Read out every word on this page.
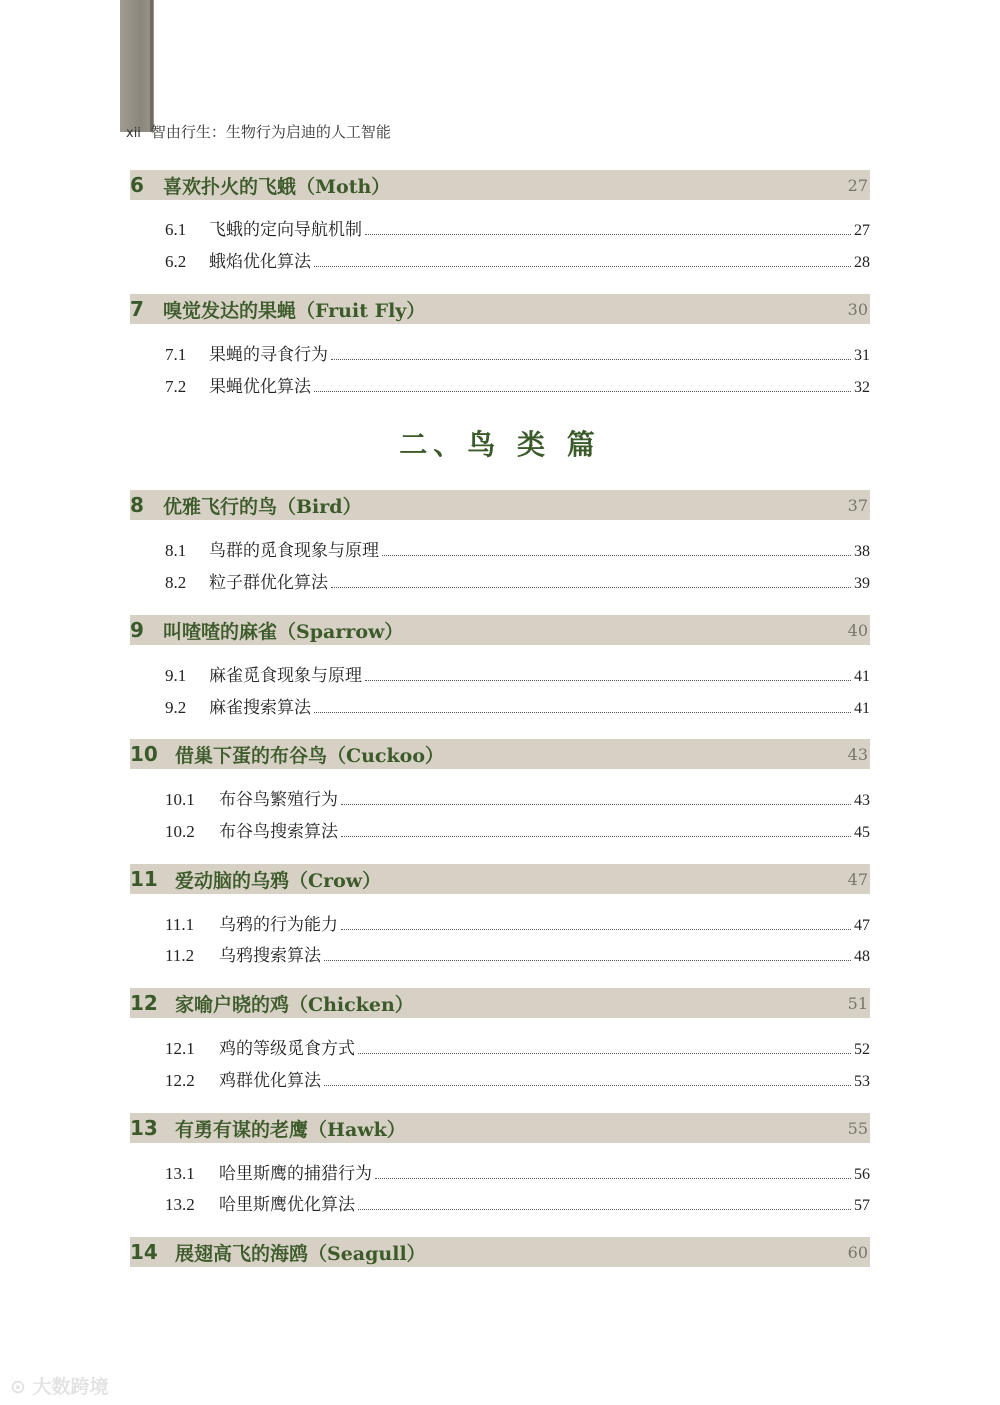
xii 智由行生：生物行为启迪的人工智能
6	喜欢扑火的飞蛾（Moth）	27
6.1	飞蛾的定向导航机制	27
6.2	蛾焰优化算法	28
7	嗅觉发达的果蝇（Fruit Fly）	30
7.1	果蝇的寻食行为	31
7.2	果蝇优化算法	32
二、鸟 类 篇
8	优雅飞行的鸟（Bird）	37
8.1	鸟群的觅食现象与原理	38
8.2	粒子群优化算法	39
9	叫喳喳的麻雀（Sparrow）	40
9.1	麻雀觅食现象与原理	41
9.2	麻雀搜索算法	41
10 借巢下蛋的布谷鸟（Cuckoo）	43
10.1	布谷鸟繁殖行为	43
10.2	布谷鸟搜索算法	45
11 爱动脑的乌鸦（Crow）	47
11.1	乌鸦的行为能力	47
11.2	乌鸦搜索算法	48
12 家喻户晓的鸡（Chicken）	51
12.1	鸡的等级觅食方式	52
12.2	鸡群优化算法	53
13 有勇有谋的老鹰（Hawk）	55
13.1	哈里斯鹰的捕猎行为	56
13.2	哈里斯鹰优化算法	57
14 展翅高飞的海鸥（Seagull）	60
⊙ 大数跨境
